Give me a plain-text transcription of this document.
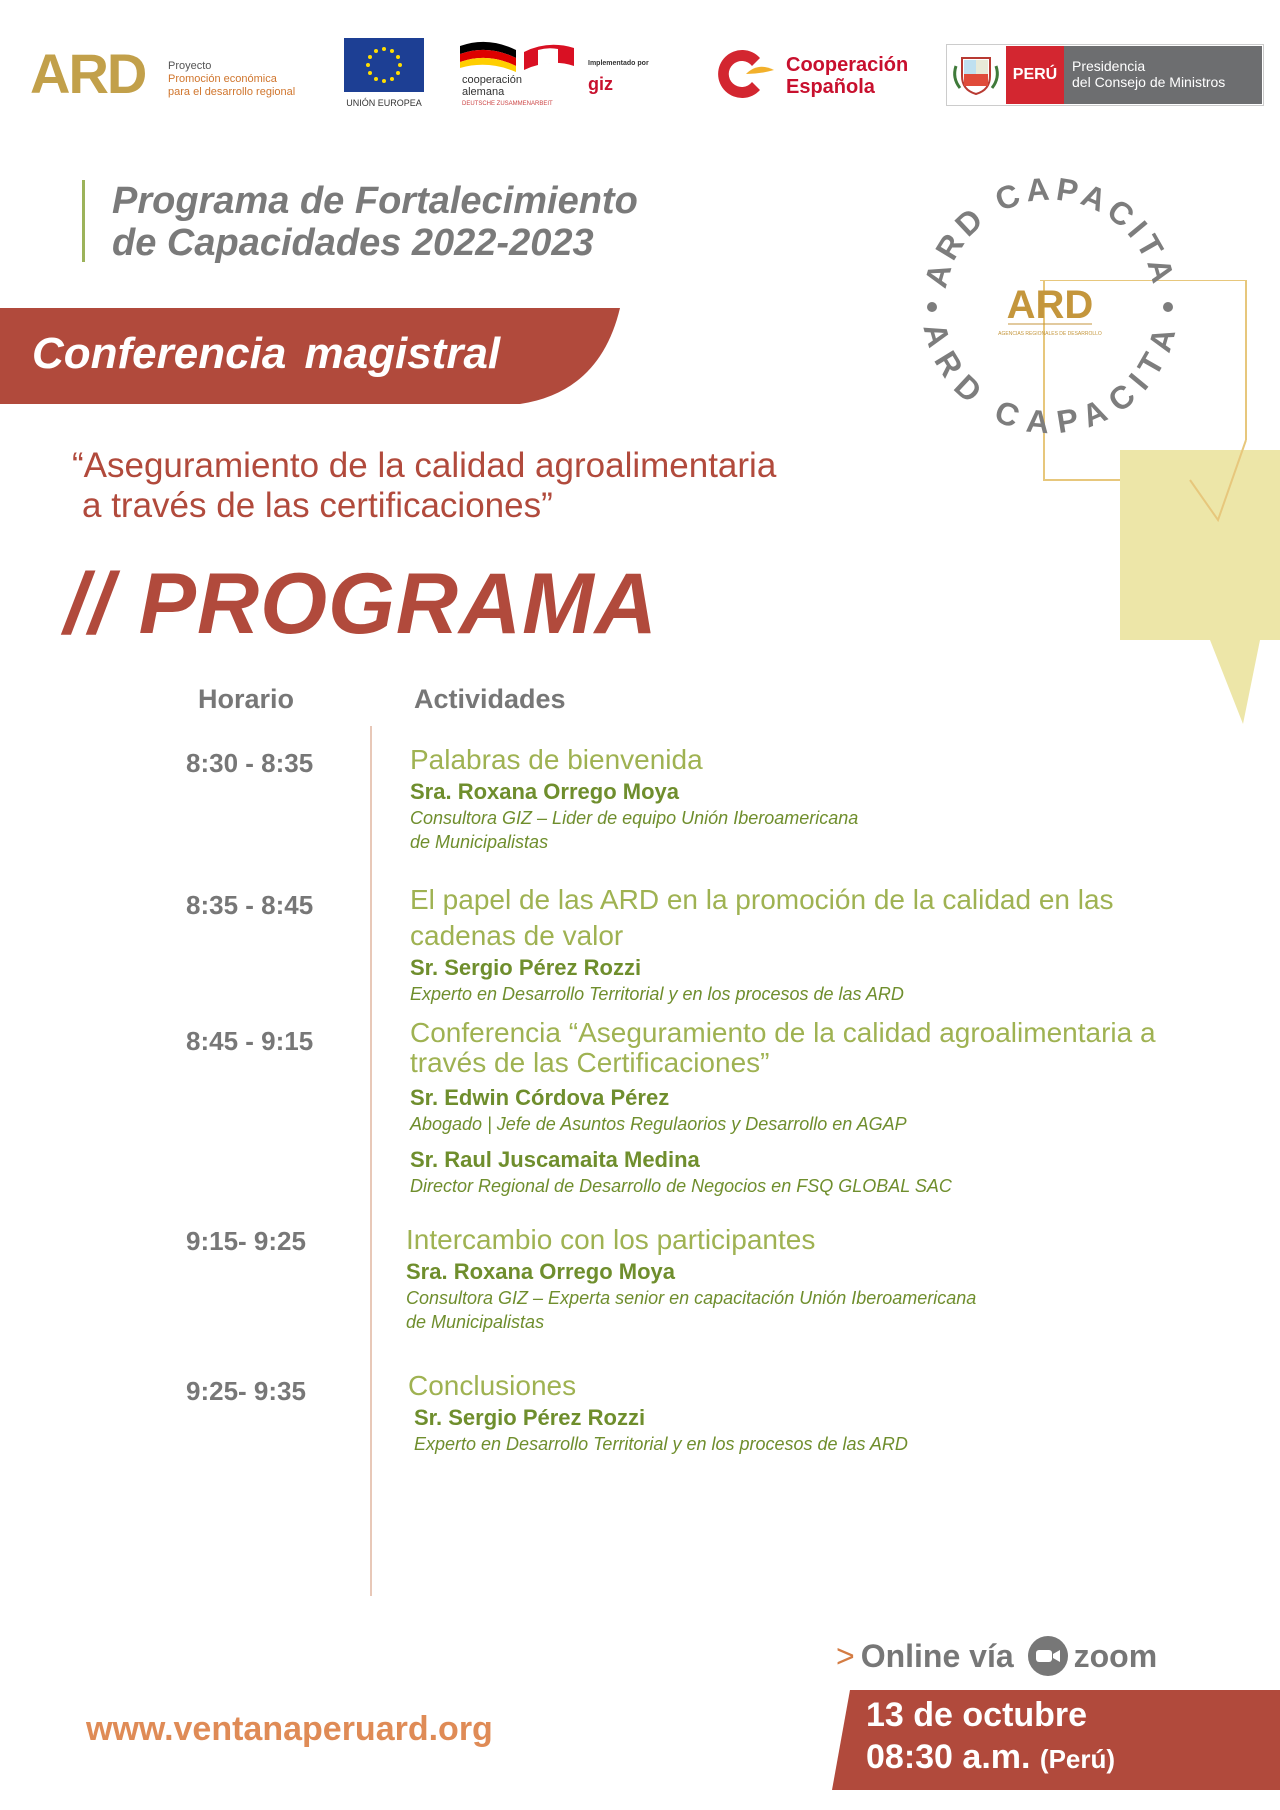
ARD Proyecto
Promoción económica
para el desarrollo regional
UNIÓN EUROPEA
cooperación
alemana
DEUTSCHE ZUSAMMENARBEIT
Implementado por
giz
Cooperación
Española
PERÚ	Presidencia
del Consejo de Ministros
Programa de Fortalecimiento
de Capacidades 2022-2023
ARD CAPACITA
ARD CAPACITA
ARD
AGENCIAS REGIONALES DE DESARROLLO
Conferencia magistral
“Aseguramiento de la calidad agroalimentaria
a través de las certificaciones”
// PROGRAMA
Horario	Actividades
8:30 - 8:35	Palabras de bienvenida
Sra. Roxana Orrego Moya
Consultora GIZ – Lider de equipo Unión Iberoamericana
de Municipalistas
8:35 - 8:45	El papel de las ARD en la promoción de la calidad en las
cadenas de valor
Sr. Sergio Pérez Rozzi
Experto en Desarrollo Territorial y en los procesos de las ARD
8:45 - 9:15	Conferencia “Aseguramiento de la calidad agroalimentaria a
través de las Certificaciones”
Sr. Edwin Córdova Pérez
Abogado | Jefe de Asuntos Regulaorios y Desarrollo en AGAP
Sr. Raul Juscamaita Medina
Director Regional de Desarrollo de Negocios en FSQ GLOBAL SAC
9:15- 9:25	Intercambio con los participantes
Sra. Roxana Orrego Moya
Consultora GIZ – Experta senior en capacitación Unión Iberoamericana
de Municipalistas
9:25- 9:35	Conclusiones
Sr. Sergio Pérez Rozzi
Experto en Desarrollo Territorial y en los procesos de las ARD
www.ventanaperuard.org
> Online vía zoom
13 de octubre
08:30 a.m. (Perú)
